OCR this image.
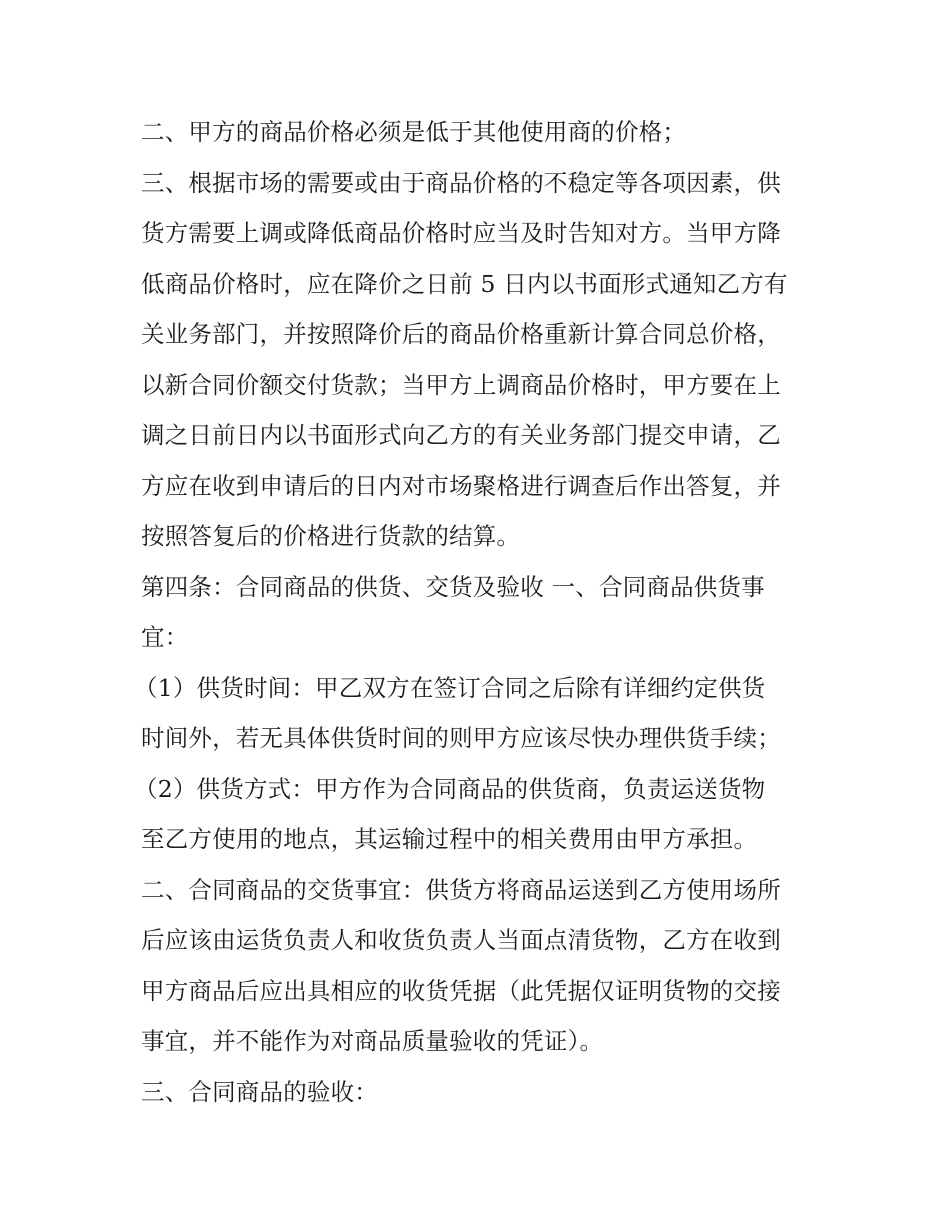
二、甲方的商品价格必须是低于其他使用商的价格；
三、根据市场的需要或由于商品价格的不稳定等各项因素，供
货方需要上调或降低商品价格时应当及时告知对方。当甲方降
低商品价格时，应在降价之日前 5 日内以书面形式通知乙方有
关业务部门，并按照降价后的商品价格重新计算合同总价格，
以新合同价额交付货款；当甲方上调商品价格时，甲方要在上
调之日前日内以书面形式向乙方的有关业务部门提交申请，乙
方应在收到申请后的日内对市场聚格进行调查后作出答复，并
按照答复后的价格进行货款的结算。
第四条：合同商品的供货、交货及验收 一、合同商品供货事
宜：
（1）供货时间：甲乙双方在签订合同之后除有详细约定供货
时间外，若无具体供货时间的则甲方应该尽快办理供货手续；
（2）供货方式：甲方作为合同商品的供货商，负责运送货物
至乙方使用的地点，其运输过程中的相关费用由甲方承担。
二、合同商品的交货事宜：供货方将商品运送到乙方使用场所
后应该由运货负责人和收货负责人当面点清货物，乙方在收到
甲方商品后应出具相应的收货凭据（此凭据仅证明货物的交接
事宜，并不能作为对商品质量验收的凭证）。
三、合同商品的验收：
